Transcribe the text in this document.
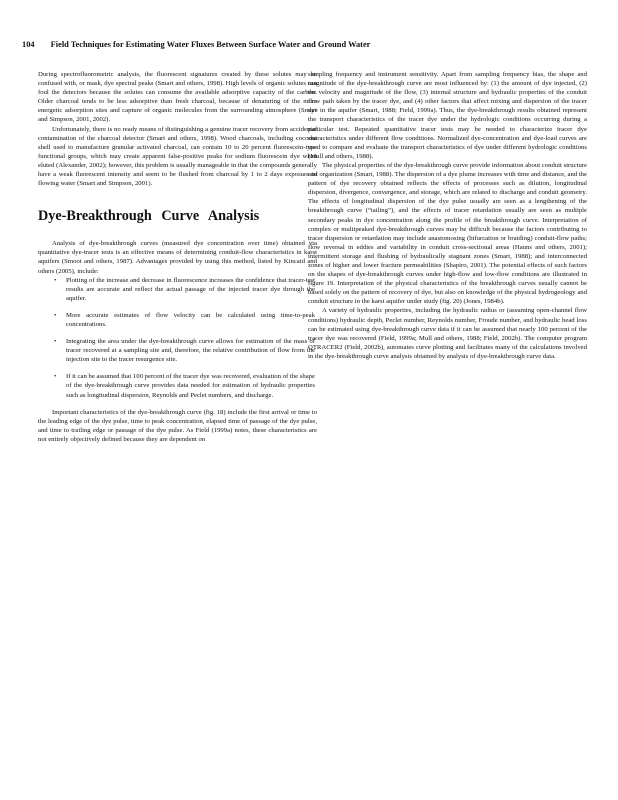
104 Field Techniques for Estimating Water Fluxes Between Surface Water and Ground Water

During spectrofluorometric analysis, the fluorescent signatures created by these solutes may be confused with, or mask, dye spectral peaks (Smart and others, 1998). High levels of organic solutes can foul the detectors because the solutes can consume the available adsorptive capacity of the carbon. Older charcoal tends to be less adsorptive than fresh charcoal, because of denaturing of the more energetic adsorption sites and capture of organic molecules from the surrounding atmosphere (Smart and Simpson, 2001, 2002).

Unfortunately, there is no ready means of distinguishing a genuine tracer recovery from accidental contamination of the charcoal detector (Smart and others, 1998). Wood charcoals, including coconut shell used to manufacture granular activated charcoal, can contain 10 to 20 percent fluorescein-type functional groups, which may create apparent false-positive peaks for sodium fluorescein dye when eluted (Alexander, 2002); however, this problem is usually manageable in that the compounds generally have a weak fluorescent intensity and seem to be flushed from charcoal by 1 to 2 days exposure to flowing water (Smart and Simpson, 2001).

Dye-Breakthrough Curve Analysis

Analysis of dye-breakthrough curves (measured dye concentration over time) obtained via quantitative dye-tracer tests is an effective means of determining conduit-flow characteristics in karst aquifers (Smoot and others, 1987). Advantages provided by using this method, listed by Kincaid and others (2005), include:

• Plotting of the increase and decrease in fluorescence increases the confidence that tracer-test results are accurate and reflect the actual passage of the injected tracer dye through the aquifer.
• More accurate estimates of flow velocity can be calculated using time-to-peak concentrations.
• Integrating the area under the dye-breakthrough curve allows for estimation of the mass of tracer recovered at a sampling site and, therefore, the relative contribution of flow from the injection site to the tracer resurgence site.
• If it can be assumed that 100 percent of the tracer dye was recovered, evaluation of the shape of the dye-breakthrough curve provides data needed for estimation of hydraulic properties such as longitudinal dispersion, Reynolds and Peclet numbers, and discharge.

Important characteristics of the dye-breakthrough curve (fig. 18) include the first arrival or time to the leading edge of the dye pulse, time to peak concentration, elapsed time of passage of the dye pulse, and time to trailing edge or passage of the dye pulse. As Field (1999a) notes, these characteristics are not entirely objectively defined because they are dependent on

sampling frequency and instrument sensitivity. Apart from sampling frequency bias, the shape and magnitude of the dye-breakthrough curve are most influenced by: (1) the amount of dye injected, (2) the velocity and magnitude of the flow, (3) internal structure and hydraulic properties of the conduit flow path taken by the tracer dye, and (4) other factors that affect mixing and dispersion of the tracer dye in the aquifer (Smart, 1988; Field, 1999a). Thus, the dye-breakthrough results obtained represent the transport characteristics of the tracer dye under the hydrologic conditions occurring during a particular test. Repeated quantitative tracer tests may be needed to characterize tracer dye characteristics under different flow conditions. Normalized dye-concentration and dye-load curves are used to compare and evaluate the transport characteristics of dye under different hydrologic conditions (Mull and others, 1988).

The physical properties of the dye-breakthrough curve provide information about conduit structure and organization (Smart, 1988). The dispersion of a dye plume increases with time and distance, and the pattern of dye recovery obtained reflects the effects of processes such as dilution, longitudinal dispersion, divergence, convergence, and storage, which are related to discharge and conduit geometry. The effects of longitudinal dispersion of the dye pulse usually are seen as a lengthening of the breakthrough curve (“tailing”), and the effects of tracer retardation usually are seen as multiple secondary peaks in dye concentration along the profile of the breakthrough curve. Interpretation of complex or multipeaked dye-breakthrough curves may be difficult because the factors contributing to tracer dispersion or retardation may include anastomosing (bifurcation or braiding) conduit-flow paths; flow reversal in eddies and variability in conduit cross-sectional areas (Hauns and others, 2001); intermittent storage and flushing of hydraulically stagnant zones (Smart, 1988); and interconnected zones of higher and lower fracture permeabilities (Shapiro, 2001). The potential effects of such factors on the shapes of dye-breakthrough curves under high-flow and low-flow conditions are illustrated in figure 19. Interpretation of the physical characteristics of the breakthrough curves usually cannot be based solely on the pattern of recovery of dye, but also on knowledge of the physical hydrogeology and conduit structure in the karst aquifer under study (fig. 20) (Jones, 1984b).

A variety of hydraulic properties, including the hydraulic radius or (assuming open-channel flow conditions) hydraulic depth, Peclet number, Reynolds number, Froude number, and hydraulic head loss can be estimated using dye-breakthrough curve data if it can be assumed that nearly 100 percent of the tracer dye was recovered (Field, 1999a; Mull and others, 1988; Field, 2002b). The computer program QTRACER2 (Field, 2002b), automates curve plotting and facilitates many of the calculations involved in the dye-breakthrough curve analysis obtained by analysis of dye-breakthrough curve data.
